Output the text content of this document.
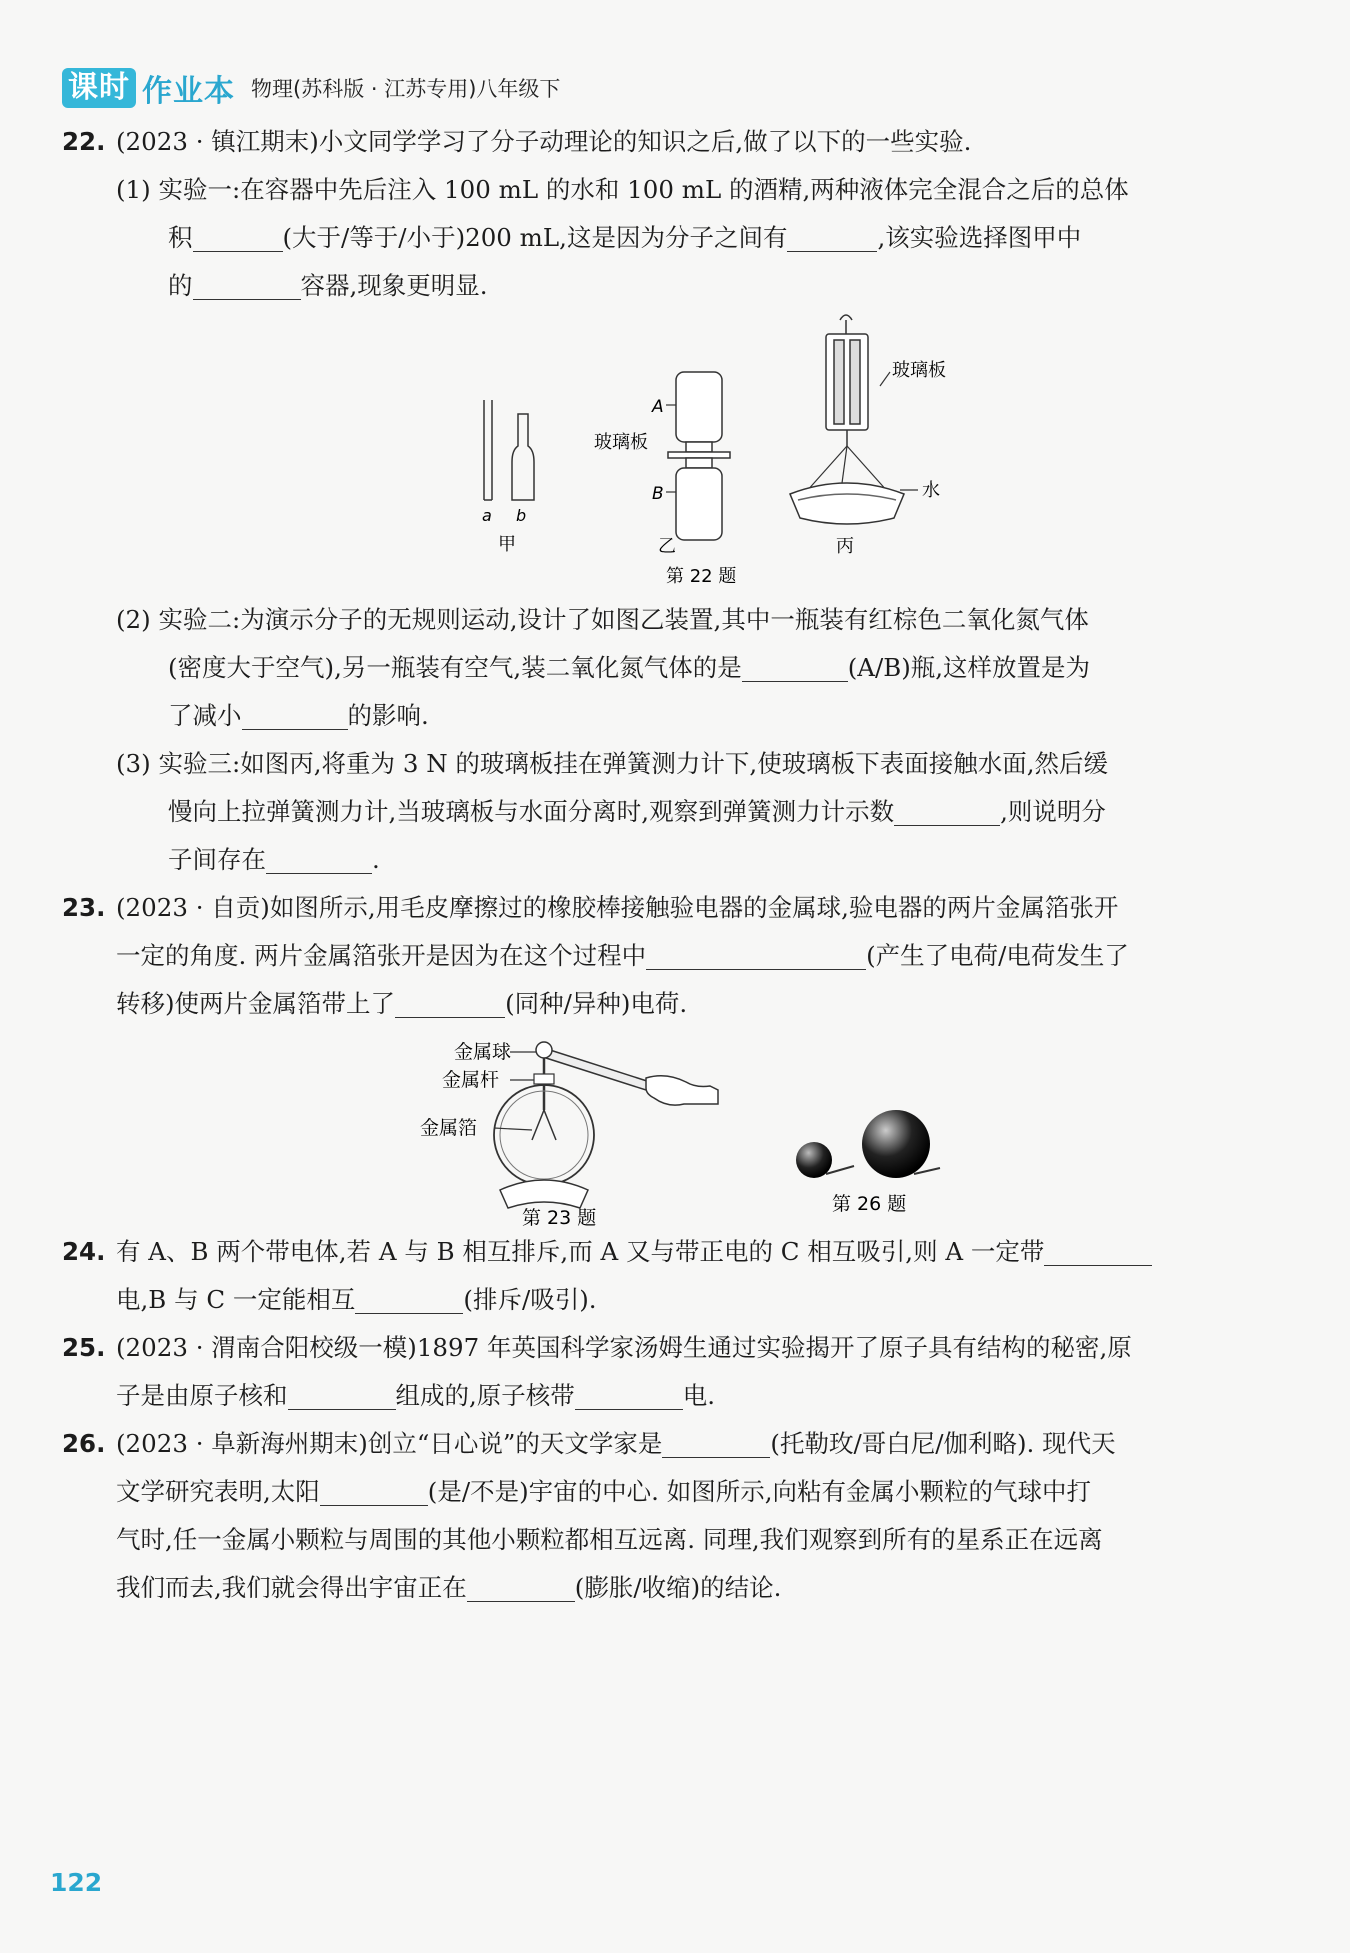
课时 作业本 物理(苏科版 · 江苏专用)八年级下
22. (2023 · 镇江期末)小文同学学习了分子动理论的知识之后,做了以下的一些实验.
(1) 实验一:在容器中先后注入 100 mL 的水和 100 mL 的酒精,两种液体完全混合之后的总体
积	(大于/等于/小于)200 mL,这是因为分子之间有	,该实验选择图甲中
的	容器,现象更明显.
a b
甲
A
B
玻璃板
乙
玻璃板
水
丙
第 22 题
(2) 实验二:为演示分子的无规则运动,设计了如图乙装置,其中一瓶装有红棕色二氧化氮气体
(密度大于空气),另一瓶装有空气,装二氧化氮气体的是	(A/B)瓶,这样放置是为
了减小	的影响.
(3) 实验三:如图丙,将重为 3 N 的玻璃板挂在弹簧测力计下,使玻璃板下表面接触水面,然后缓
慢向上拉弹簧测力计,当玻璃板与水面分离时,观察到弹簧测力计示数	,则说明分
子间存在	.
23. (2023 · 自贡)如图所示,用毛皮摩擦过的橡胶棒接触验电器的金属球,验电器的两片金属箔张开
一定的角度. 两片金属箔张开是因为在这个过程中	(产生了电荷/电荷发生了
转移)使两片金属箔带上了	(同种/异种)电荷.
金属球
金属杆
金属箔
第 23 题
第 26 题
24. 有 A、B 两个带电体,若 A 与 B 相互排斥,而 A 又与带正电的 C 相互吸引,则 A 一定带
电,B 与 C 一定能相互	(排斥/吸引).
25. (2023 · 渭南合阳校级一模)1897 年英国科学家汤姆生通过实验揭开了原子具有结构的秘密,原
子是由原子核和	组成的,原子核带	电.
26. (2023 · 阜新海州期末)创立“日心说”的天文学家是	(托勒玫/哥白尼/伽利略). 现代天
文学研究表明,太阳	(是/不是)宇宙的中心. 如图所示,向粘有金属小颗粒的气球中打
气时,任一金属小颗粒与周围的其他小颗粒都相互远离. 同理,我们观察到所有的星系正在远离
我们而去,我们就会得出宇宙正在	(膨胀/收缩)的结论.
122
